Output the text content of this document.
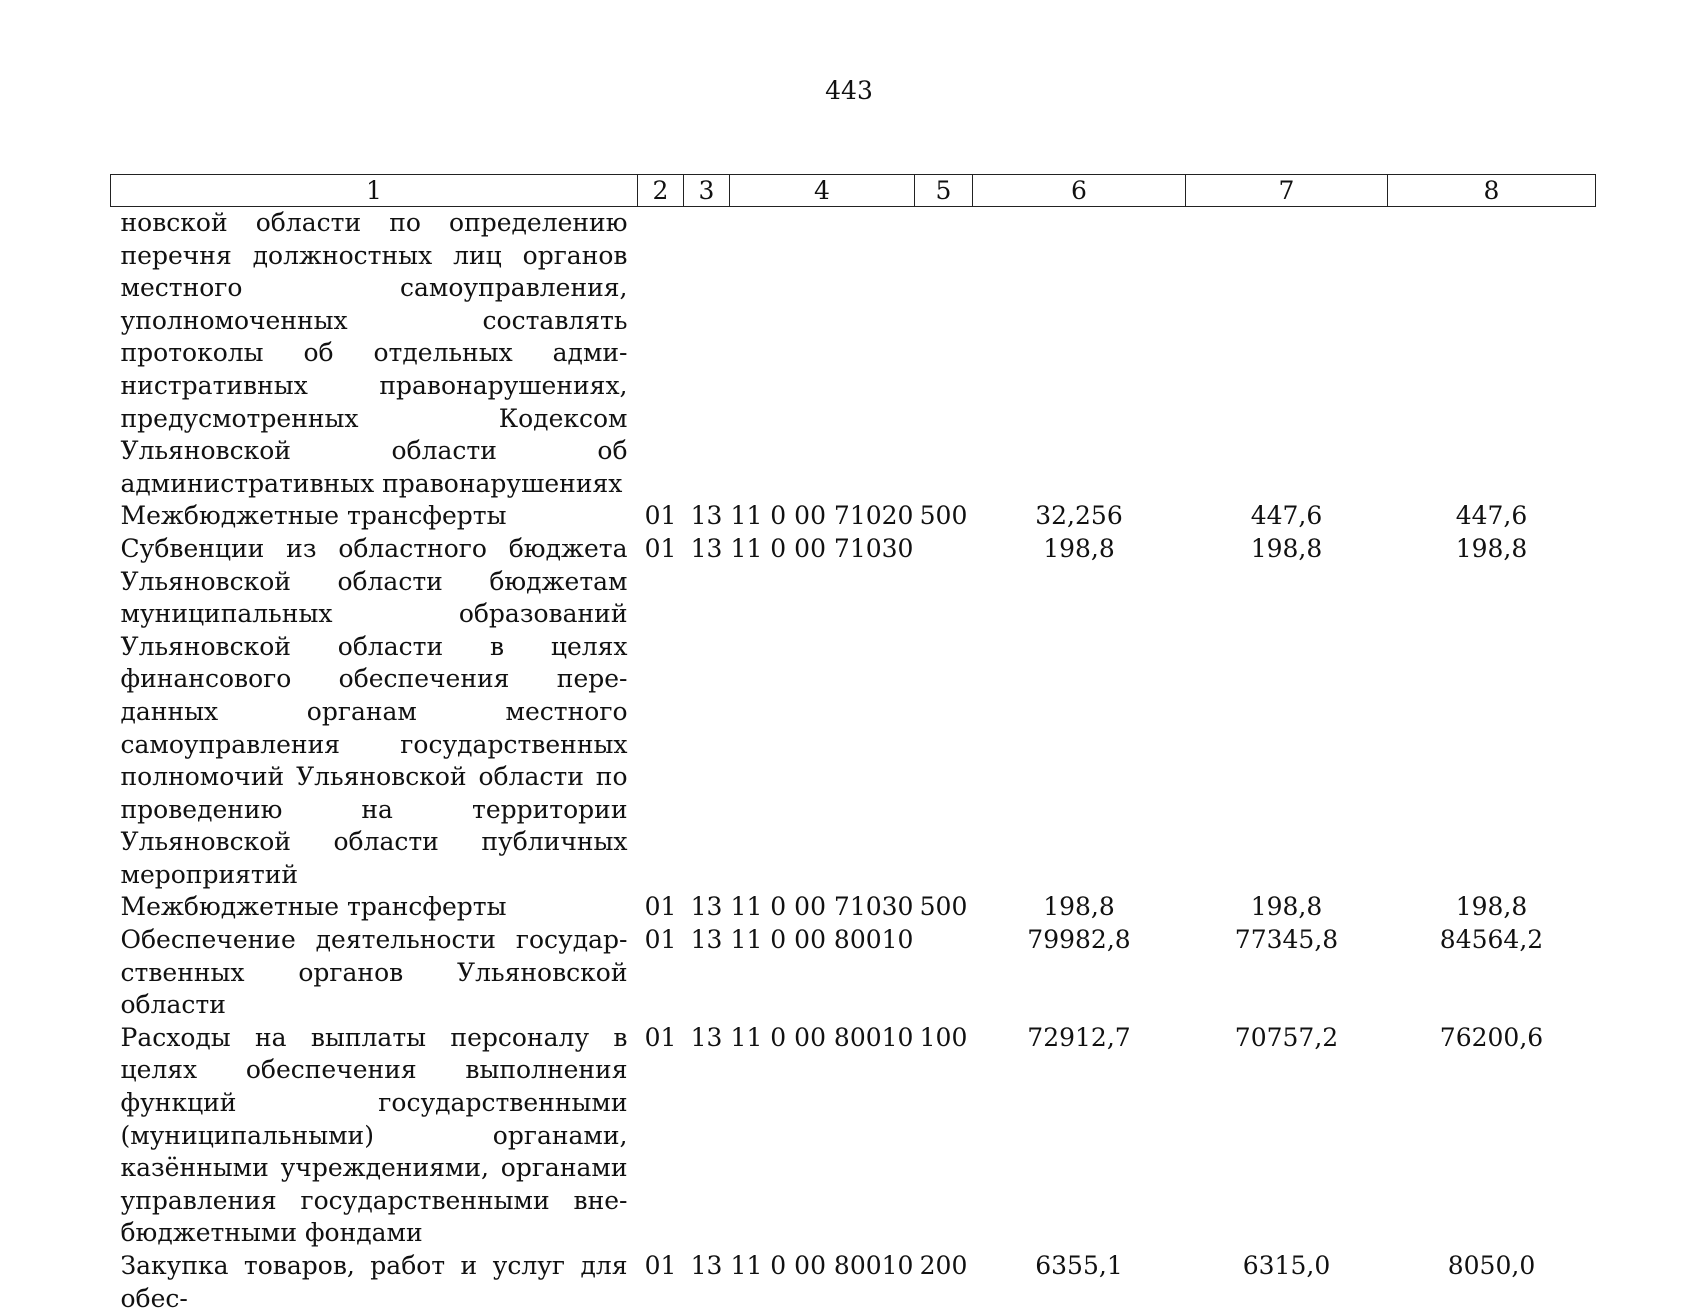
443
1	2	3	4	5	6	7	8
новской области по определению перечня должностных лиц органов местного самоуправления, уполномоченных составлять протоколы об отдельных административных правонарушениях, предусмотренных Кодексом Ульяновской области об административных правонарушениях							
Межбюджетные трансферты	01	13	11 0 00 71020	500	32,256	447,6	447,6
Субвенции из областного бюджета Ульяновской области бюджетам муниципальных образований Ульяновской области в целях финансового обеспечения переданных органам местного самоуправления государственных полномочий Ульяновской области по проведению на территории Ульяновской области публичных мероприятий	01	13	11 0 00 71030		198,8	198,8	198,8
Межбюджетные трансферты	01	13	11 0 00 71030	500	198,8	198,8	198,8
Обеспечение деятельности государственных органов Ульяновской области	01	13	11 0 00 80010		79982,8	77345,8	84564,2
Расходы на выплаты персоналу в целях обеспечения выполнения функций государственными (муниципальными) органами, казёнными учреждениями, органами управления государственными внебюджетными фондами	01	13	11 0 00 80010	100	72912,7	70757,2	76200,6
Закупка товаров, работ и услуг для обес-	01	13	11 0 00 80010	200	6355,1	6315,0	8050,0
